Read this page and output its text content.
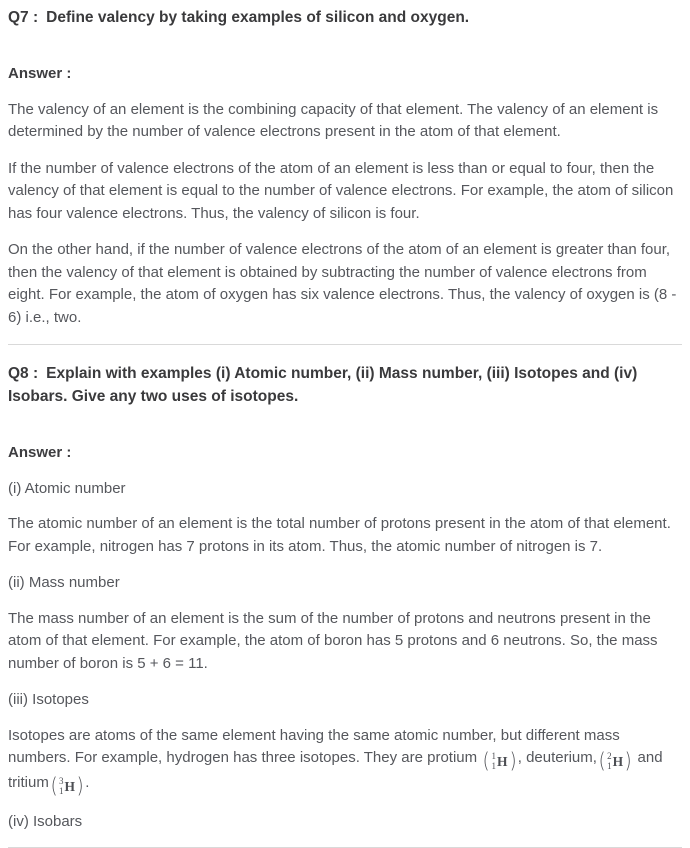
Q7 : Define valency by taking examples of silicon and oxygen.

Answer :

The valency of an element is the combining capacity of that element. The valency of an element is determined by the number of valence electrons present in the atom of that element.

If the number of valence electrons of the atom of an element is less than or equal to four, then the valency of that element is equal to the number of valence electrons. For example, the atom of silicon has four valence electrons. Thus, the valency of silicon is four.

On the other hand, if the number of valence electrons of the atom of an element is greater than four, then the valency of that element is obtained by subtracting the number of valence electrons from eight. For example, the atom of oxygen has six valence electrons. Thus, the valency of oxygen is (8 - 6) i.e., two.

Q8 : Explain with examples (i) Atomic number, (ii) Mass number, (iii) Isotopes and (iv) Isobars. Give any two uses of isotopes.

Answer :

(i) Atomic number

The atomic number of an element is the total number of protons present in the atom of that element. For example, nitrogen has 7 protons in its atom. Thus, the atomic number of nitrogen is 7.

(ii) Mass number

The mass number of an element is the sum of the number of protons and neutrons present in the atom of that element. For example, the atom of boron has 5 protons and 6 neutrons. So, the mass number of boron is 5 + 6 = 11.

(iii) Isotopes

Isotopes are atoms of the same element having the same atomic number, but different mass numbers. For example, hydrogen has three isotopes. They are protium ( 1
1 H ) , deuterium, ( 2
1 H ) and tritium ( 3
1 H ) .

(iv) Isobars
